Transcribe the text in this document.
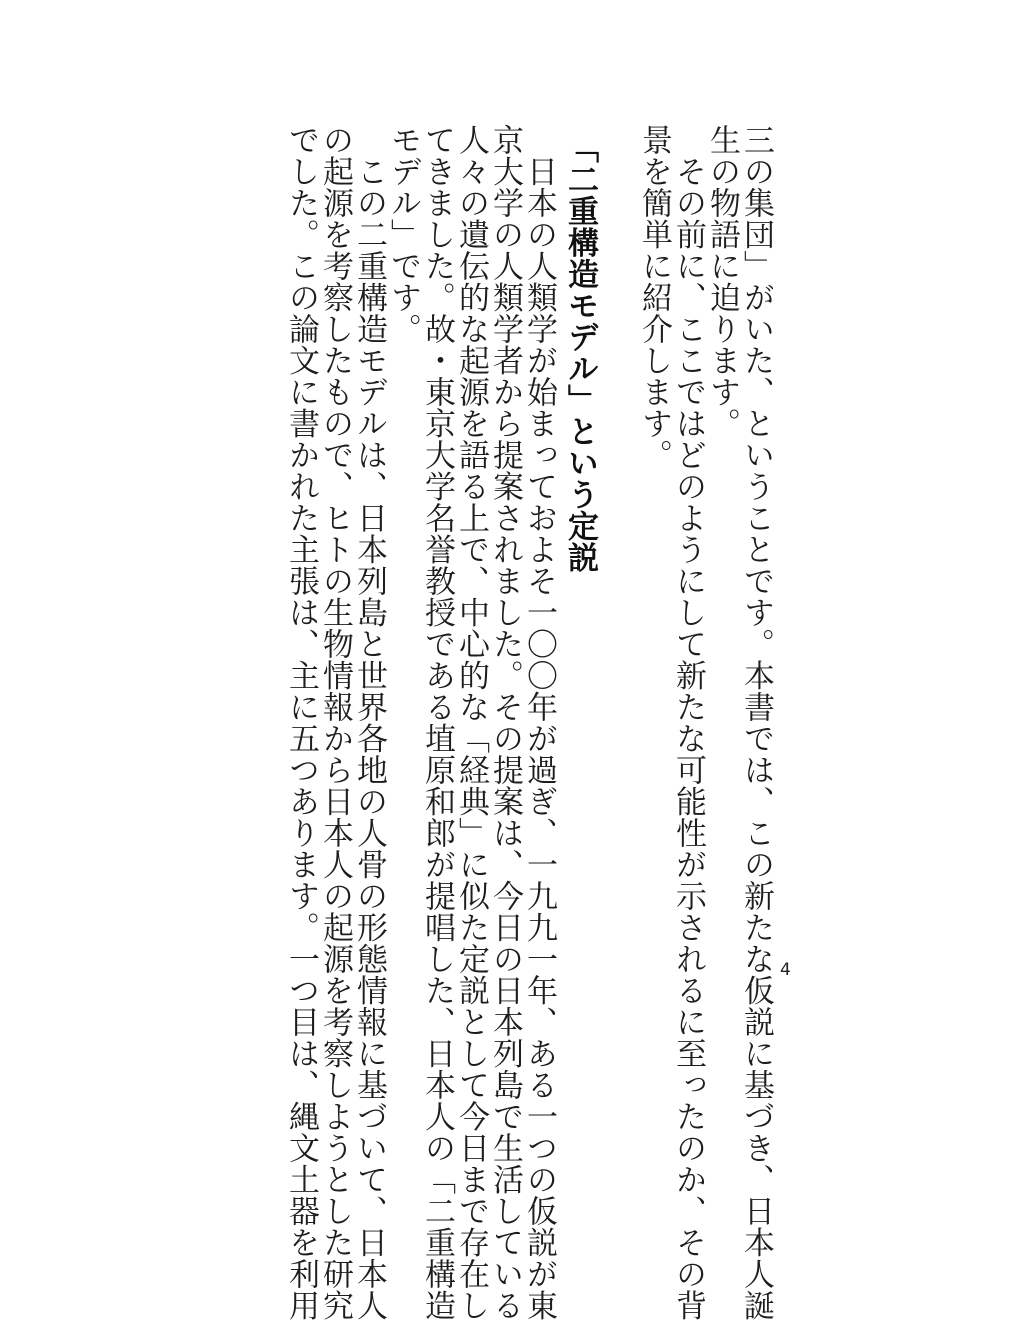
三の集団」がいた、ということです。本書では、この新たな仮説に基づき、日本人誕
生の物語に迫ります。
　その前に、ここではどのようにして新たな可能性が示されるに至ったのか、その背
景を簡単に紹介します。
「二重構造モデル」という定説
　日本の人類学が始まっておよそ一〇〇年が過ぎ、一九九一年、ある一つの仮説が東
京大学の人類学者から提案されました。その提案は、今日の日本列島で生活している
人々の遺伝的な起源を語る上で、中心的な「経典」に似た定説として今日まで存在し
てきました。故・東京大学名誉教授である埴原和郎が提唱した、日本人の「二重構造
モデル」です。
　この二重構造モデルは、日本列島と世界各地の人骨の形態情報に基づいて、日本人
の起源を考察したもので、ヒトの生物情報から日本人の起源を考察しようとした研究
でした。この論文に書かれた主張は、主に五つあります。一つ目は、縄文土器を利用	4
